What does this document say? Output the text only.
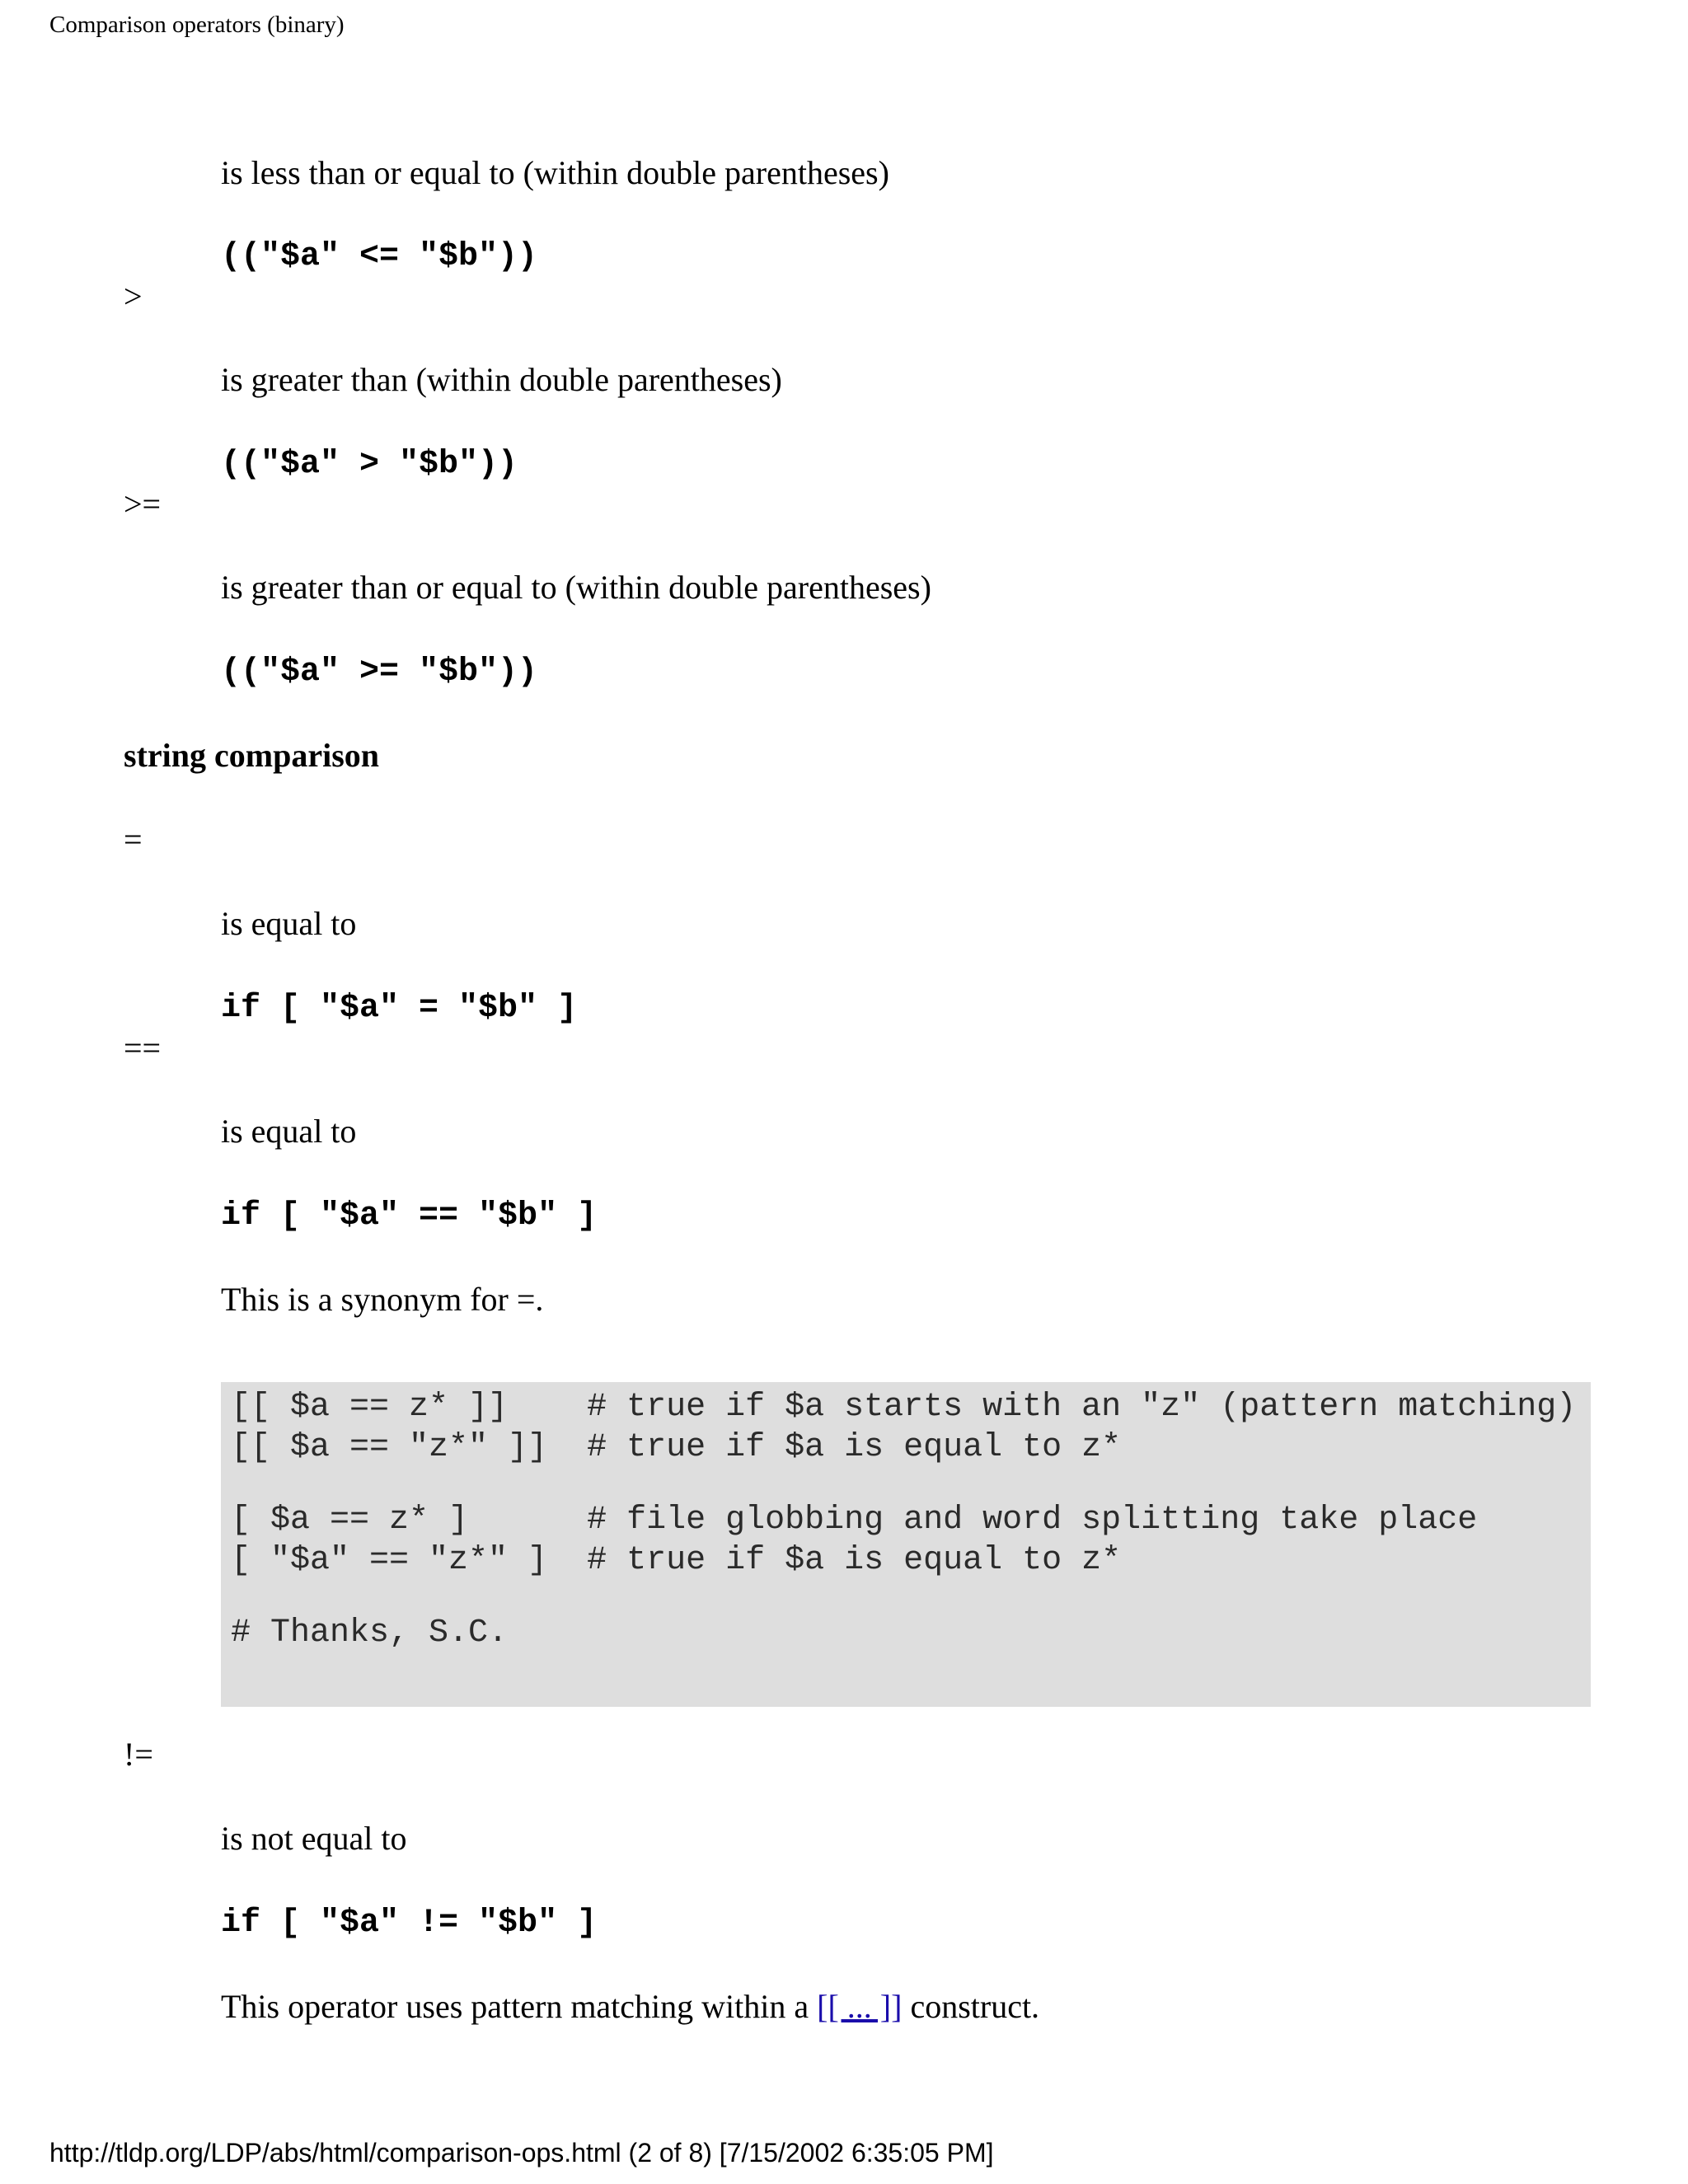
Comparison operators (binary)
is less than or equal to (within double parentheses)
(("$a" <= "$b"))
>
is greater than (within double parentheses)
(("$a" > "$b"))
>=
is greater than or equal to (within double parentheses)
(("$a" >= "$b"))
string comparison
=
is equal to
if [ "$a" = "$b" ]
==
is equal to
if [ "$a" == "$b" ]
This is a synonym for =.
[[ $a == z* ]]    # true if $a starts with an "z" (pattern matching)
[[ $a == "z*" ]]  # true if $a is equal to z*
[ $a == z* ]      # file globbing and word splitting take place
[ "$a" == "z*" ]  # true if $a is equal to z*
# Thanks, S.C.
!=
is not equal to
if [ "$a" != "$b" ]
This operator uses pattern matching within a [[ ... ]] construct.
http://tldp.org/LDP/abs/html/comparison-ops.html (2 of 8) [7/15/2002 6:35:05 PM]
